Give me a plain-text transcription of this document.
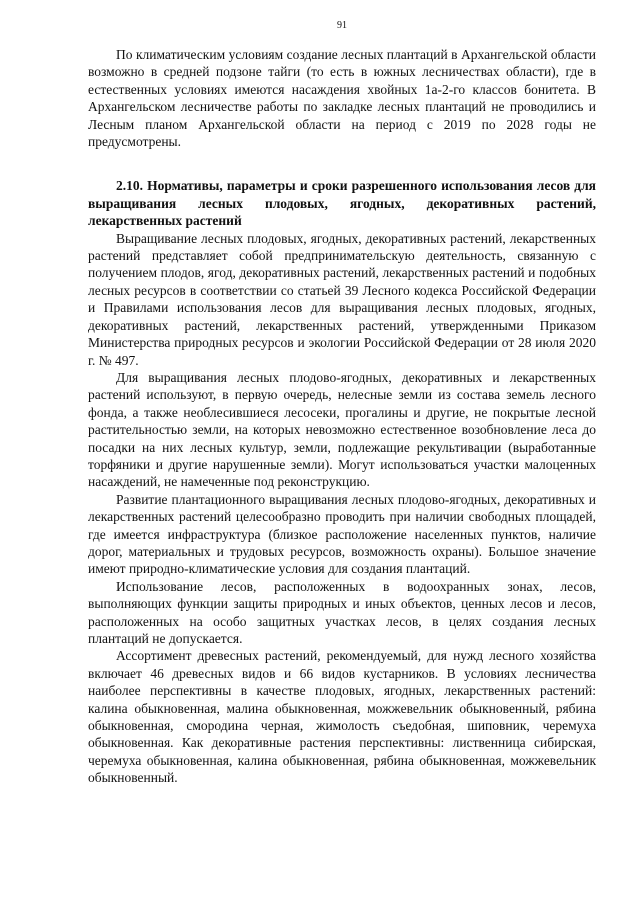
91

По климатическим условиям создание лесных плантаций в Архангельской области возможно в средней подзоне тайги (то есть в южных лесничествах области), где в естественных условиях имеются насаждения хвойных 1а-2-го классов бонитета. В Архангельском лесничестве работы по закладке лесных плантаций не проводились и Лесным планом Архангельской области на период с 2019 по 2028 годы не предусмотрены.

2.10. Нормативы, параметры и сроки разрешенного использования лесов для выращивания лесных плодовых, ягодных, декоративных растений, лекарственных растений

Выращивание лесных плодовых, ягодных, декоративных растений, лекарственных растений представляет собой предпринимательскую деятельность, связанную с получением плодов, ягод, декоративных растений, лекарственных растений и подобных лесных ресурсов в соответствии со статьей 39 Лесного кодекса Российской Федерации и Правилами использования лесов для выращивания лесных плодовых, ягодных, декоративных растений, лекарственных растений, утвержденными Приказом Министерства природных ресурсов и экологии Российской Федерации от 28 июля 2020 г. № 497.

Для выращивания лесных плодово-ягодных, декоративных и лекарственных растений используют, в первую очередь, нелесные земли из состава земель лесного фонда, а также необлесившиеся лесосеки, прогалины и другие, не покрытые лесной растительностью земли, на которых невозможно естественное возобновление леса до посадки на них лесных культур, земли, подлежащие рекультивации (выработанные торфяники и другие нарушенные земли). Могут использоваться участки малоценных насаждений, не намеченные под реконструкцию.

Развитие плантационного выращивания лесных плодово-ягодных, декоративных и лекарственных растений целесообразно проводить при наличии свободных площадей, где имеется инфраструктура (близкое расположение населенных пунктов, наличие дорог, материальных и трудовых ресурсов, возможность охраны). Большое значение имеют природно-климатические условия для создания плантаций.

Использование лесов, расположенных в водоохранных зонах, лесов, выполняющих функции защиты природных и иных объектов, ценных лесов и лесов, расположенных на особо защитных участках лесов, в целях создания лесных плантаций не допускается.

Ассортимент древесных растений, рекомендуемый, для нужд лесного хозяйства включает 46 древесных видов и 66 видов кустарников. В условиях лесничества наиболее перспективны в качестве плодовых, ягодных, лекарственных растений: калина обыкновенная, малина обыкновенная, можжевельник обыкновенный, рябина обыкновенная, смородина черная, жимолость съедобная, шиповник, черемуха обыкновенная. Как декоративные растения перспективны: лиственница сибирская, черемуха обыкновенная, калина обыкновенная, рябина обыкновенная, можжевельник обыкновенный.
